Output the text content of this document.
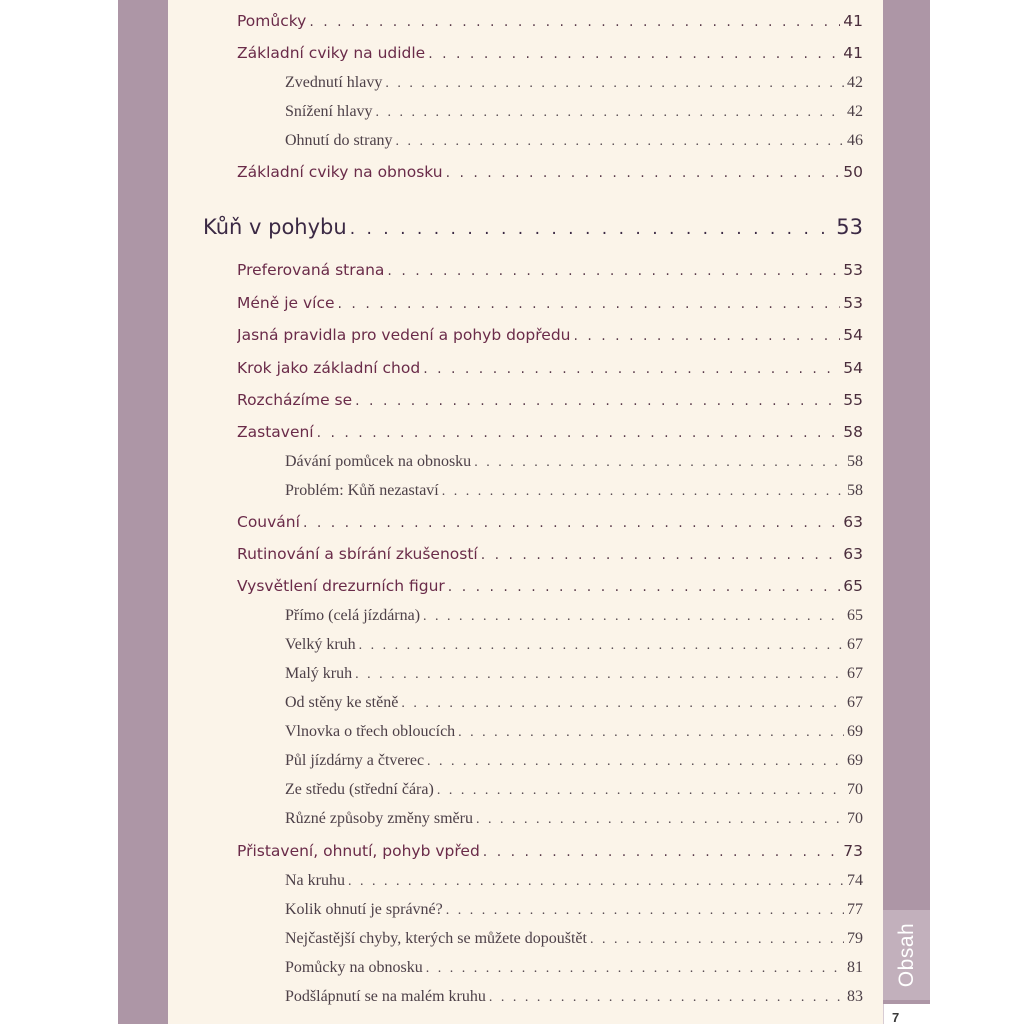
Obsah
7
Pomůcky . . .	41
Základní cviky na udidle . . .	41
Zvednutí hlavy . . .	42
Snížení hlavy . . .	42
Ohnutí do strany . . .	46
Základní cviky na obnosku . . .	50
Kůň v pohybu . . .	53
Preferovaná strana . . .	53
Méně je více . . .	53
Jasná pravidla pro vedení a pohyb dopředu . . .	54
Krok jako základní chod . . .	54
Rozcházíme se . . .	55
Zastavení . . .	58
Dávání pomůcek na obnosku . . .	58
Problém: Kůň nezastaví . . .	58
Couvání . . .	63
Rutinování a sbírání zkušeností . . .	63
Vysvětlení drezurních figur . . .	65
Přímo (celá jízdárna) . . .	65
Velký kruh . . .	67
Malý kruh . . .	67
Od stěny ke stěně . . .	67
Vlnovka o třech obloucích . . .	69
Půl jízdárny a čtverec . . .	69
Ze středu (střední čára) . . .	70
Různé způsoby změny směru . . .	70
Přistavení, ohnutí, pohyb vpřed . . .	73
Na kruhu . . .	74
Kolik ohnutí je správné? . . .	77
Nejčastější chyby, kterých se můžete dopouštět . . .	79
Pomůcky na obnosku . . .	81
Podšlápnutí se na malém kruhu . . .	83
